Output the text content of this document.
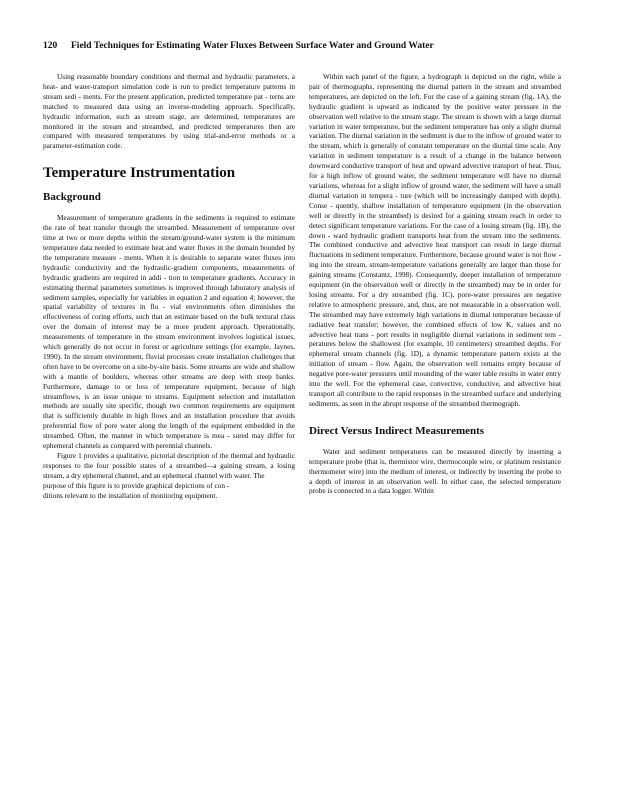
120 Field Techniques for Estimating Water Fluxes Between Surface Water and Ground Water

Using reasonable boundary conditions and thermal and hydraulic parameters, a heat- and water-transport simulation code is run to predict temperature patterns in stream sedi - ments. For the present application, predicted temperature pat - terns are matched to measured data using an inverse-modeling approach. Specifically, hydraulic information, such as stream stage, are determined, temperatures are monitored in the stream and streambed, and predicted temperatures then are compared with measured temperatures by using trial-and-error methods or a parameter-estimation code.

Temperature Instrumentation
Background

Measurement of temperature gradients in the sediments is required to estimate the rate of heat transfer through the streambed. Measurement of temperature over time at two or more depths within the stream/ground-water system is the minimum temperature data needed to estimate heat and water fluxes in the domain bounded by the temperature measure - ments. When it is desirable to separate water fluxes into hydraulic conductivity and the hydraulic-gradient components, measurements of hydraulic gradients are required in addi - tion to temperature gradients. Accuracy in estimating thermal parameters sometimes is improved through laboratory analysis of sediment samples, especially for variables in equation 2 and equation 4; however, the spatial variability of textures in flu - vial environments often diminishes the effectiveness of coring efforts, such that an estimate based on the bulk textural class over the domain of interest may be a more prudent approach. Operationally, measurements of temperature in the stream environment involves logistical issues, which generally do not occur in forest or agriculture settings (for example, Jaynes, 1990). In the stream environment, fluvial processes create installation challenges that often have to be overcome on a site-by-site basis. Some streams are wide and shallow with a mantle of boulders, whereas other streams are deep with steep banks. Furthermore, damage to or loss of temperature equipment, because of high streamflows, is an issue unique to streams. Equipment selection and installation methods are usually site specific, though two common requirements are equipment that is sufficiently durable in high flows and an installation procedure that avoids preferential flow of pore water along the length of the equipment embedded in the streambed. Often, the manner in which temperature is mea - sured may differ for ephemeral channels as compared with perennial channels.

Figure 1 provides a qualitative, pictorial description of the thermal and hydraulic responses to the four possible states of a streambed—a gaining stream, a losing stream, a dry ephemeral channel, and an ephemeral channel with water. The

purpose of this figure is to provide graphical depictions of con -

ditions relevant to the installation of monitoring equipment.

Within each panel of the figure, a hydrograph is depicted on the right, while a pair of thermographs, representing the diurnal pattern in the stream and streambed temperatures, are depicted on the left. For the case of a gaining stream (fig. 1A), the hydraulic gradient is upward as indicated by the positive water pressure in the observation well relative to the stream stage. The stream is shown with a large diurnal variation in water temperature, but the sediment temperature has only a slight diurnal variation. The diurnal variation in the sediment is due to the inflow of ground water to the stream, which is generally of constant temperature on the diurnal time scale. Any variation in sediment temperature is a result of a change in the balance between downward conductive transport of heat and upward advective transport of heat. Thus, for a high inflow of ground water, the sediment temperature will have no diurnal variations, whereas for a slight inflow of ground water, the sediment will have a small diurnal variation in tempera - ture (which will be increasingly damped with depth). Conse - quently, shallow installation of temperature equipment (in the observation well or directly in the streambed) is desired for a gaining stream reach in order to detect significant temperature variations. For the case of a losing stream (fig. 1B), the down - ward hydraulic gradient transports heat from the stream into the sediments. The combined conductive and advective heat transport can result in large diurnal fluctuations in sediment temperature. Furthermore, because ground water is not flow - ing into the stream, stream-temperature variations generally are larger than those for gaining streams (Constantz, 1998). Consequently, deeper installation of temperature equipment (in the observation well or directly in the streambed) may be in order for losing streams. For a dry streambed (fig. 1C), pore-water pressures are negative relative to atmospheric pressure, and, thus, are not measurable in a observation well. The streambed may have extremely high variations in diurnal temperature because of radiative heat transfer; however, the combined effects of low K, values and no advective heat trans - port results in negligible diurnal variations in sediment tem - peratures below the shallowest (for example, 10 centimeters) streambed depths. For ephemeral stream channels (fig. 1D), a dynamic temperature pattern exists at the initiation of stream - flow. Again, the observation well remains empty because of negative pore-water pressures until mounding of the water table results in water entry into the well. For the ephemeral case, convective, conductive, and advective heat transport all contribute to the rapid responses in the streambed surface and underlying sediments, as seen in the abrupt response of the streambed thermograph.

Direct Versus Indirect Measurements

Water and sediment temperatures can be measured directly by inserting a temperature probe (that is, thermistor wire, thermocouple wire, or platinum resistance thermometer wire) into the medium of interest, or indirectly by inserting the probe to a depth of interest in an observation well. In either case, the selected temperature probe is connected to a data logger. Within
